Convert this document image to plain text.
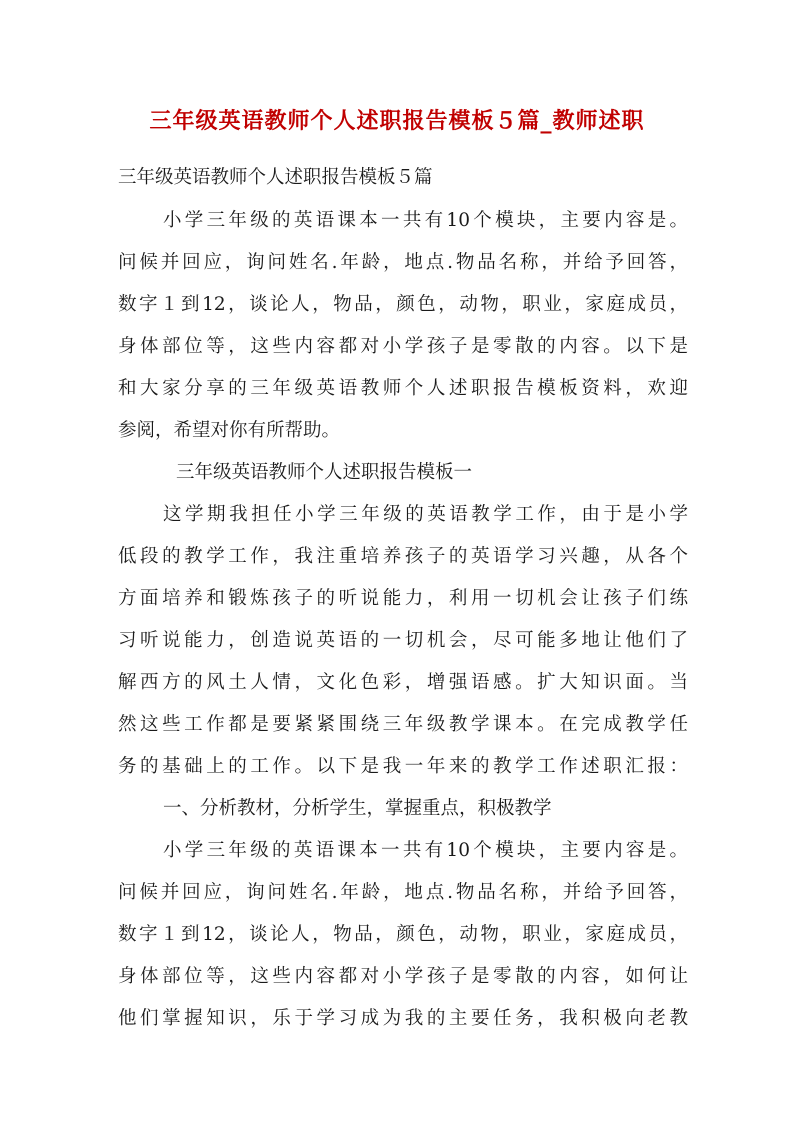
三年级英语教师个人述职报告模板５篇_教师述职
三年级英语教师个人述职报告模板５篇
小学三年级的英语课本一共有10个模块，主要内容是。
问候并回应，询问姓名.年龄，地点.物品名称，并给予回答，
数字１到12，谈论人，物品，颜色，动物，职业，家庭成员，
身体部位等，这些内容都对小学孩子是零散的内容。以下是
和大家分享的三年级英语教师个人述职报告模板资料，欢迎
参阅，希望对你有所帮助。
三年级英语教师个人述职报告模板一
这学期我担任小学三年级的英语教学工作，由于是小学
低段的教学工作，我注重培养孩子的英语学习兴趣，从各个
方面培养和锻炼孩子的听说能力，利用一切机会让孩子们练
习听说能力，创造说英语的一切机会，尽可能多地让他们了
解西方的风土人情，文化色彩，增强语感。扩大知识面。当
然这些工作都是要紧紧围绕三年级教学课本。在完成教学任
务的基础上的工作。以下是我一年来的教学工作述职汇报：
一、分析教材，分析学生，掌握重点，积极教学
小学三年级的英语课本一共有10个模块，主要内容是。
问候并回应，询问姓名.年龄，地点.物品名称，并给予回答，
数字１到12，谈论人，物品，颜色，动物，职业，家庭成员，
身体部位等，这些内容都对小学孩子是零散的内容，如何让
他们掌握知识，乐于学习成为我的主要任务，我积极向老教
